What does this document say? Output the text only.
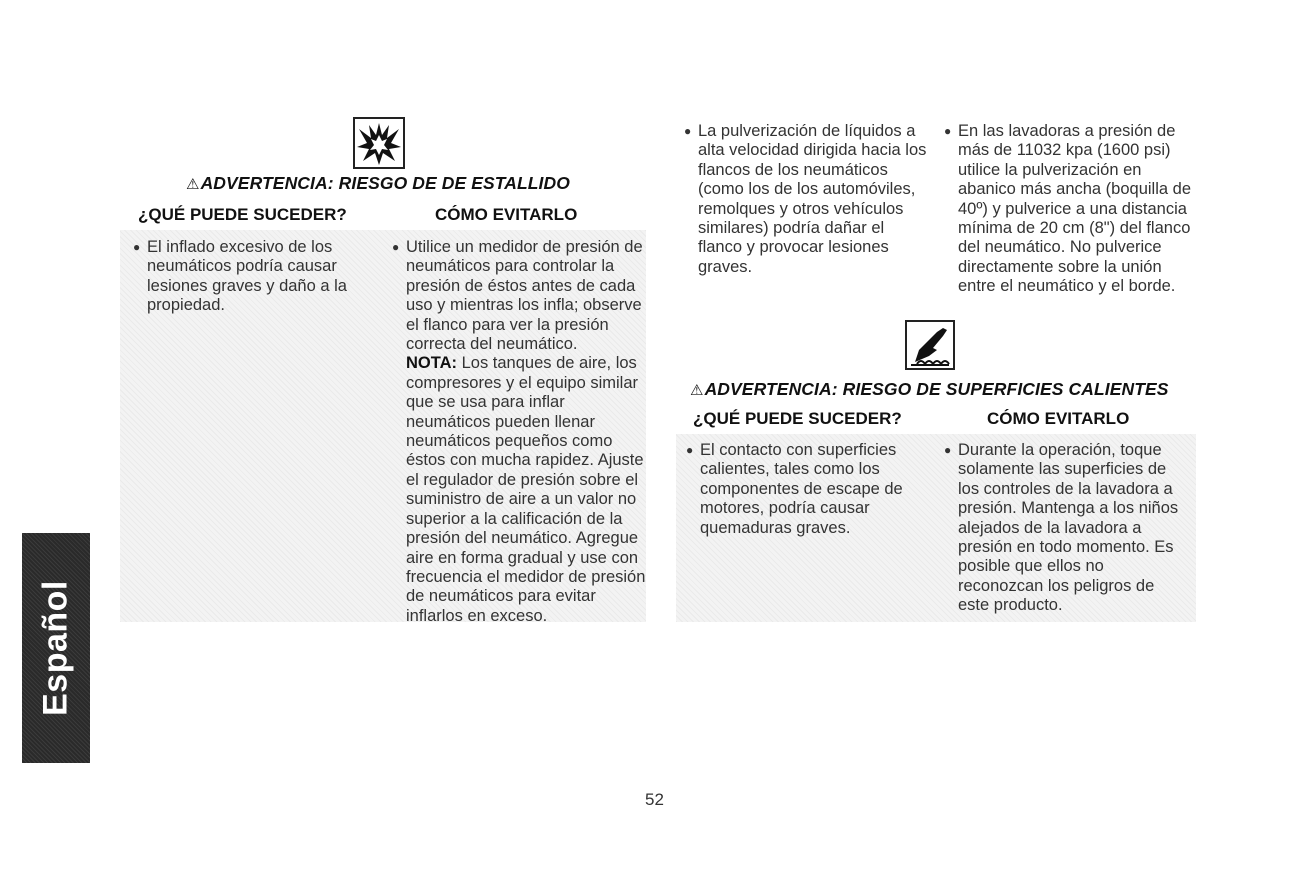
⚠ADVERTENCIA: RIESGO DE DE ESTALLIDO
¿QUÉ PUEDE SUCEDER?	CÓMO EVITARLO
● El inflado excesivo de los neumáticos podría causar lesiones graves y daño a la propiedad.
● Utilice un medidor de presión de neumáticos para controlar la presión de éstos antes de cada uso y mientras los infla; observe el flanco para ver la presión correcta del neumático.
NOTA: Los tanques de aire, los compresores y el equipo similar que se usa para inflar neumáticos pueden llenar neumáticos pequeños como éstos con mucha rapidez. Ajuste el regulador de presión sobre el suministro de aire a un valor no superior a la calificación de la presión del neumático. Agregue aire en forma gradual y use con frecuencia el medidor de presión de neumáticos para evitar inflarlos en exceso.
● La pulverización de líquidos a alta velocidad dirigida hacia los flancos de los neumáticos (como los de los automóviles, remolques y otros vehículos similares) podría dañar el flanco y provocar lesiones graves.
● En las lavadoras a presión de más de 11032 kpa (1600 psi) utilice la pulverización en abanico más ancha (boquilla de 40º) y pulverice a una distancia mínima de 20 cm (8") del flanco del neumático. No pulverice directamente sobre la unión entre el neumático y el borde.
⚠ADVERTENCIA: RIESGO DE SUPERFICIES CALIENTES
¿QUÉ PUEDE SUCEDER?	CÓMO EVITARLO
● El contacto con superficies calientes, tales como los componentes de escape de motores, podría causar quemaduras graves.
● Durante la operación, toque solamente las superficies de los controles de la lavadora a presión. Mantenga a los niños alejados de la lavadora a presión en todo momento. Es posible que ellos no reconozcan los peligros de este producto.
Español
52
